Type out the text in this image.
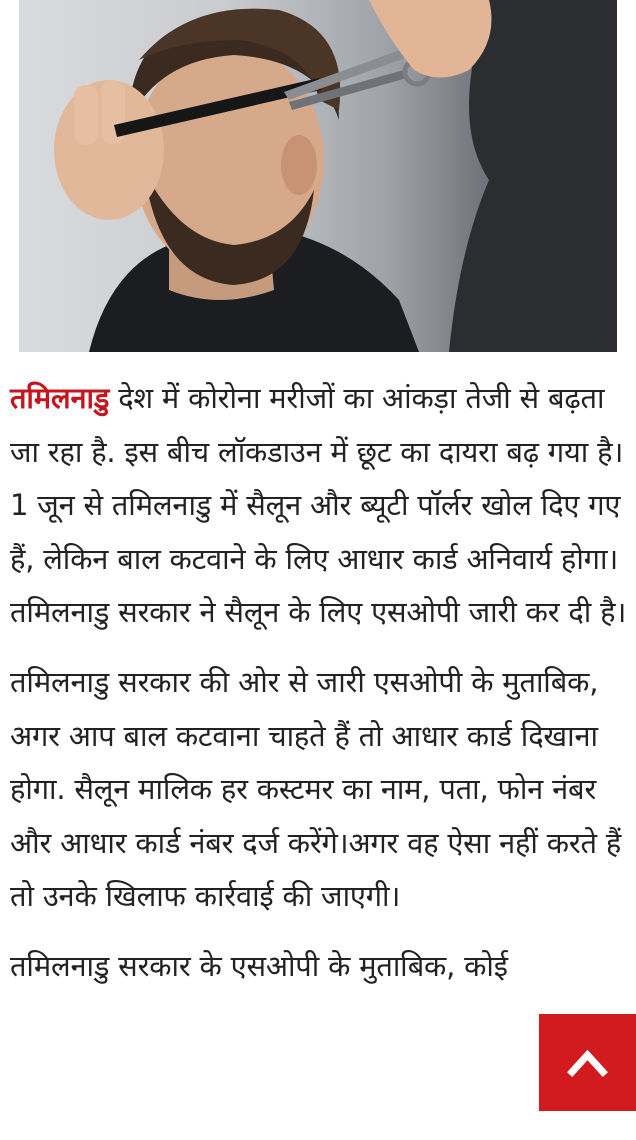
तमिलनाडु देश में कोरोना मरीजों का आंकड़ा तेजी से बढ़ता जा रहा है. इस बीच लॉकडाउन में छूट का दायरा बढ़ गया है। 1 जून से तमिलनाडु में सैलून और ब्यूटी पॉर्लर खोल दिए गए हैं, लेकिन बाल कटवाने के लिए आधार कार्ड अनिवार्य होगा। तमिलनाडु सरकार ने सैलून के लिए एसओपी जारी कर दी है।

तमिलनाडु सरकार की ओर से जारी एसओपी के मुताबिक, अगर आप बाल कटवाना चाहते हैं तो आधार कार्ड दिखाना होगा. सैलून मालिक हर कस्टमर का नाम, पता, फोन नंबर और आधार कार्ड नंबर दर्ज करेंगे।अगर वह ऐसा नहीं करते हैं तो उनके खिलाफ कार्रवाई की जाएगी।

तमिलनाडु सरकार के एसओपी के मुताबिक, कोई
